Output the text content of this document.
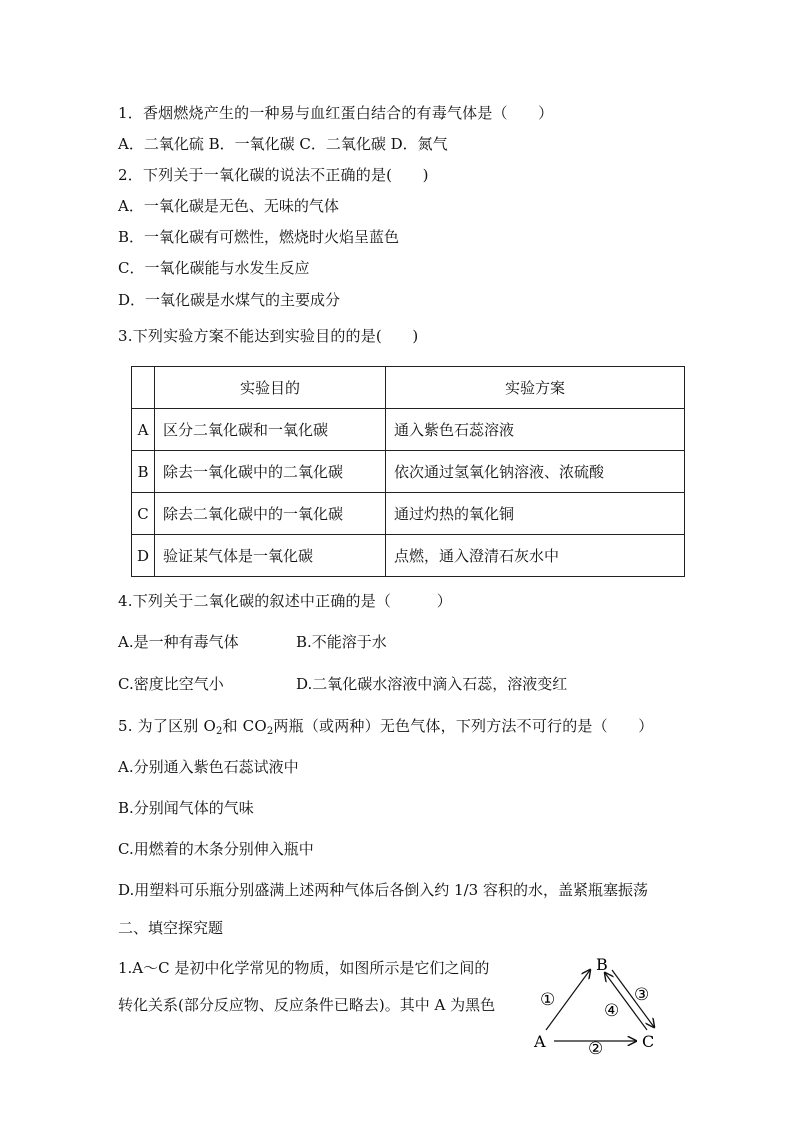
1．香烟燃烧产生的一种易与血红蛋白结合的有毒气体是（　　）
A．二氧化硫 B．一氧化碳 C．二氧化碳 D．氮气
2．下列关于一氧化碳的说法不正确的是(　　)
A．一氧化碳是无色、无味的气体
B．一氧化碳有可燃性，燃烧时火焰呈蓝色
C．一氧化碳能与水发生反应
D．一氧化碳是水煤气的主要成分
3.下列实验方案不能达到实验目的的是(　　)
	实验目的	实验方案
A	区分二氧化碳和一氧化碳	通入紫色石蕊溶液
B	除去一氧化碳中的二氧化碳	依次通过氢氧化钠溶液、浓硫酸
C	除去二氧化碳中的一氧化碳	通过灼热的氧化铜
D	验证某气体是一氧化碳	点燃，通入澄清石灰水中
4.下列关于二氧化碳的叙述中正确的是（　　　）
A.是一种有毒气体	B.不能溶于水
C.密度比空气小	D.二氧化碳水溶液中滴入石蕊，溶液变红
5. 为了区别 $O_2$和 $CO_2$两瓶（或两种）无色气体，下列方法不可行的是（　　）
A.分别通入紫色石蕊试液中
B.分别闻气体的气味
C.用燃着的木条分别伸入瓶中
D.用塑料可乐瓶分别盛满上述两种气体后各倒入约 1/3 容积的水，盖紧瓶塞振荡
二、填空探究题
1.A～C 是初中化学常见的物质，如图所示是它们之间的
转化关系(部分反应物、反应条件已略去)。其中 A 为黑色
B
A	C
①
②
③
④
